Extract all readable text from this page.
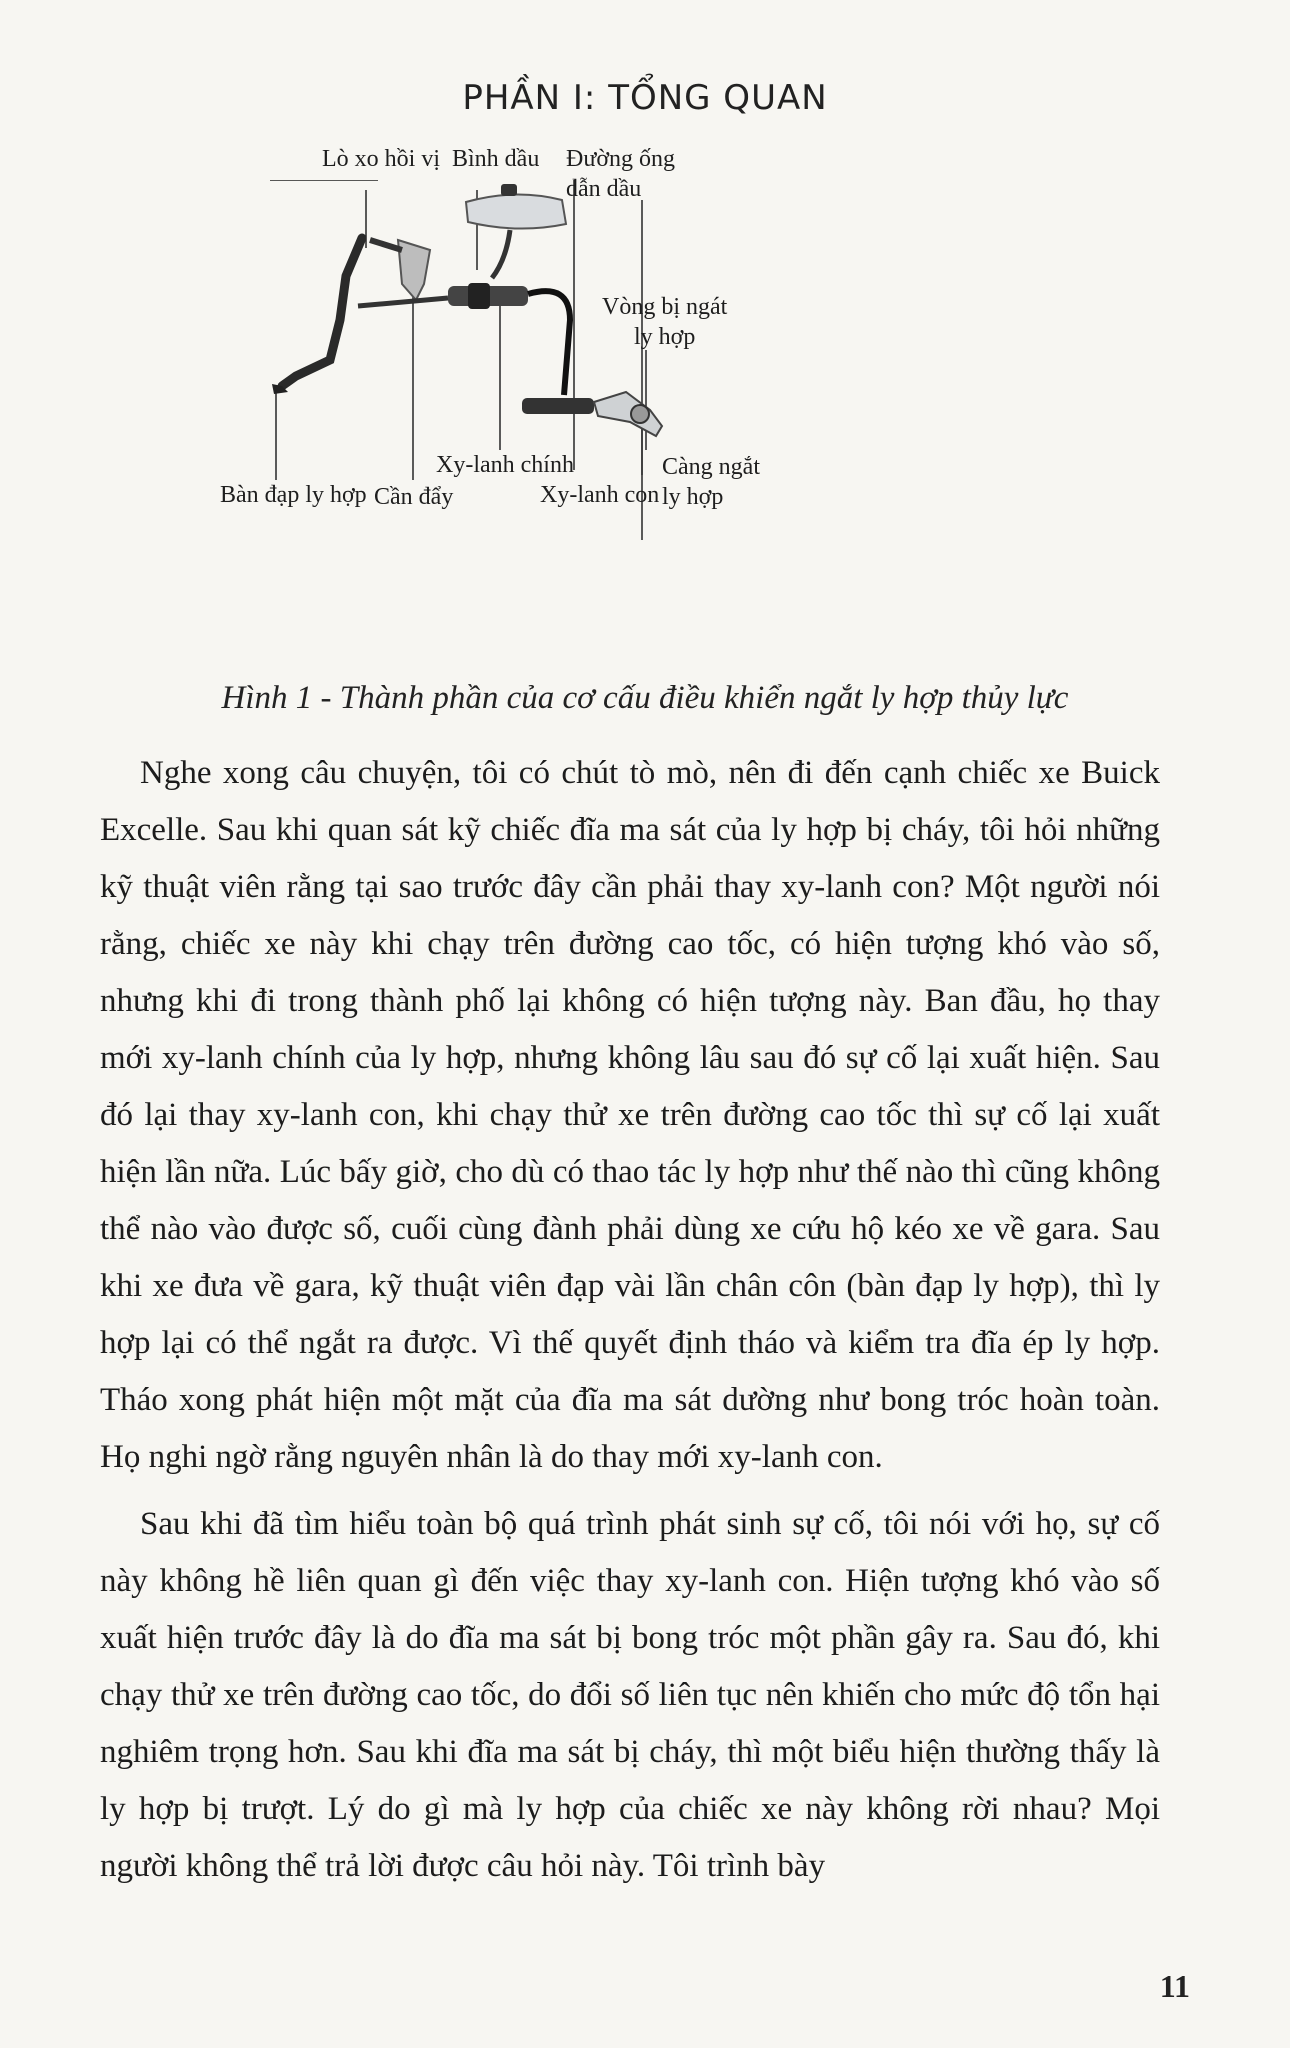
PHẦN I: TỔNG QUAN
Lò xo hồi vị Bình dầu Đường ống
dẫn dầu
Vòng bị ngát
ly hợp
Bàn đạp ly hợp Cần đẩy
Xy-lanh chính
Xy-lanh con
Càng ngắt
ly hợp
Hình 1 - Thành phần của cơ cấu điều khiển ngắt ly hợp thủy lực

Nghe xong câu chuyện, tôi có chút tò mò, nên đi đến cạnh chiếc xe Buick Excelle. Sau khi quan sát kỹ chiếc đĩa ma sát của ly hợp bị cháy, tôi hỏi những kỹ thuật viên rằng tại sao trước đây cần phải thay xy-lanh con? Một người nói rằng, chiếc xe này khi chạy trên đường cao tốc, có hiện tượng khó vào số, nhưng khi đi trong thành phố lại không có hiện tượng này. Ban đầu, họ thay mới xy-lanh chính của ly hợp, nhưng không lâu sau đó sự cố lại xuất hiện. Sau đó lại thay xy-lanh con, khi chạy thử xe trên đường cao tốc thì sự cố lại xuất hiện lần nữa. Lúc bấy giờ, cho dù có thao tác ly hợp như thế nào thì cũng không thể nào vào được số, cuối cùng đành phải dùng xe cứu hộ kéo xe về gara. Sau khi xe đưa về gara, kỹ thuật viên đạp vài lần chân côn (bàn đạp ly hợp), thì ly hợp lại có thể ngắt ra được. Vì thế quyết định tháo và kiểm tra đĩa ép ly hợp. Tháo xong phát hiện một mặt của đĩa ma sát dường như bong tróc hoàn toàn. Họ nghi ngờ rằng nguyên nhân là do thay mới xy-lanh con.

Sau khi đã tìm hiểu toàn bộ quá trình phát sinh sự cố, tôi nói với họ, sự cố này không hề liên quan gì đến việc thay xy-lanh con. Hiện tượng khó vào số xuất hiện trước đây là do đĩa ma sát bị bong tróc một phần gây ra. Sau đó, khi chạy thử xe trên đường cao tốc, do đổi số liên tục nên khiến cho mức độ tổn hại nghiêm trọng hơn. Sau khi đĩa ma sát bị cháy, thì một biểu hiện thường thấy là ly hợp bị trượt. Lý do gì mà ly hợp của chiếc xe này không rời nhau? Mọi người không thể trả lời được câu hỏi này. Tôi trình bày

11
